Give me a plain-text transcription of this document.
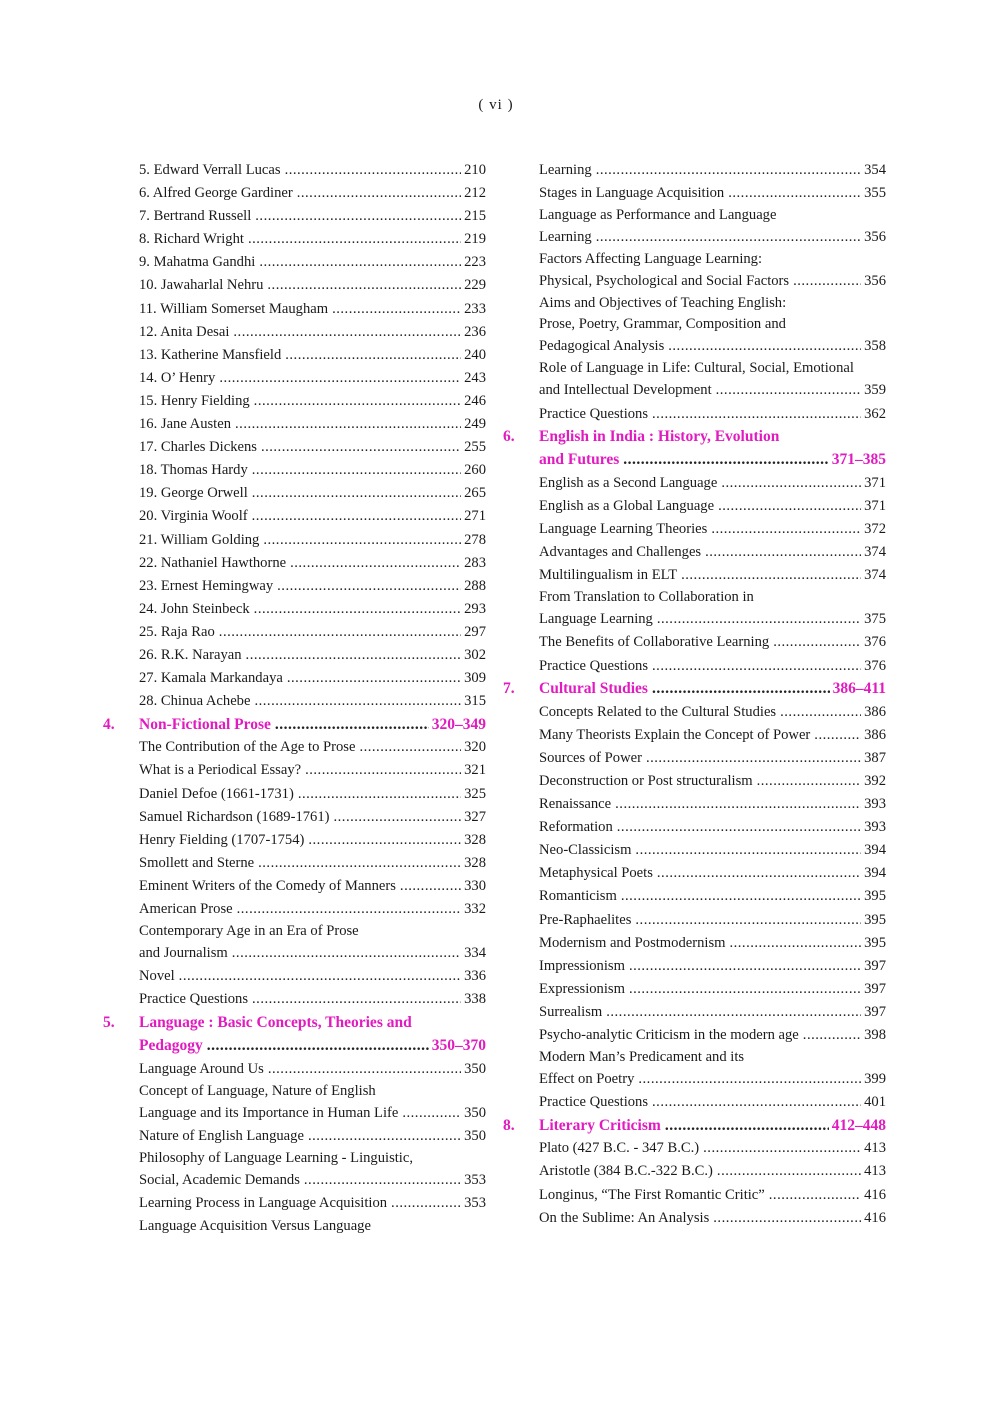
( vi )
5. Edward Verrall Lucas .....	210
6. Alfred George Gardiner .....	212
7. Bertrand Russell .....	215
8. Richard Wright .....	219
9. Mahatma Gandhi .....	223
10. Jawaharlal Nehru .....	229
11. William Somerset Maugham .....	233
12. Anita Desai .....	236
13. Katherine Mansfield .....	240
14. O’ Henry .....	243
15. Henry Fielding .....	246
16. Jane Austen .....	249
17. Charles Dickens .....	255
18. Thomas Hardy .....	260
19. George Orwell .....	265
20. Virginia Woolf .....	271
21. William Golding .....	278
22. Nathaniel Hawthorne .....	283
23. Ernest Hemingway .....	288
24. John Steinbeck .....	293
25. Raja Rao .....	297
26. R.K. Narayan .....	302
27. Kamala Markandaya .....	309
28. Chinua Achebe .....	315
4.	Non-Fictional Prose .....	320–349
The Contribution of the Age to Prose .....	320
What is a Periodical Essay? .....	321
Daniel Defoe (1661-1731) .....	325
Samuel Richardson (1689-1761) .....	327
Henry Fielding (1707-1754) .....	328
Smollett and Sterne .....	328
Eminent Writers of the Comedy of Manners .....	330
American Prose .....	332
Contemporary Age in an Era of Prose
and Journalism .....	334
Novel .....	336
Practice Questions .....	338
5.	Language : Basic Concepts, Theories and
Pedagogy .....	350–370
Language Around Us .....	350
Concept of Language, Nature of English
Language and its Importance in Human Life .....	350
Nature of English Language .....	350
Philosophy of Language Learning - Linguistic,
Social, Academic Demands .....	353
Learning Process in Language Acquisition .....	353
Language Acquisition Versus Language
Learning .....	354
Stages in Language Acquisition .....	355
Language as Performance and Language
Learning .....	356
Factors Affecting Language Learning:
Physical, Psychological and Social Factors .....	356
Aims and Objectives of Teaching English:
Prose, Poetry, Grammar, Composition and
Pedagogical Analysis .....	358
Role of Language in Life: Cultural, Social, Emotional
and Intellectual Development .....	359
Practice Questions .....	362
6.	English in India : History, Evolution
and Futures .....	371–385
English as a Second Language .....	371
English as a Global Language .....	371
Language Learning Theories .....	372
Advantages and Challenges .....	374
Multilingualism in ELT .....	374
From Translation to Collaboration in
Language Learning .....	375
The Benefits of Collaborative Learning .....	376
Practice Questions .....	376
7.	Cultural Studies .....	386–411
Concepts Related to the Cultural Studies .....	386
Many Theorists Explain the Concept of Power .....	386
Sources of Power .....	387
Deconstruction or Post structuralism .....	392
Renaissance .....	393
Reformation .....	393
Neo-Classicism .....	394
Metaphysical Poets .....	394
Romanticism .....	395
Pre-Raphaelites .....	395
Modernism and Postmodernism .....	395
Impressionism .....	397
Expressionism .....	397
Surrealism .....	397
Psycho-analytic Criticism in the modern age .....	398
Modern Man’s Predicament and its
Effect on Poetry .....	399
Practice Questions .....	401
8.	Literary Criticism .....	412–448
Plato (427 B.C. - 347 B.C.) .....	413
Aristotle (384 B.C.-322 B.C.) .....	413
Longinus, “The First Romantic Critic” .....	416
On the Sublime: An Analysis .....	416
